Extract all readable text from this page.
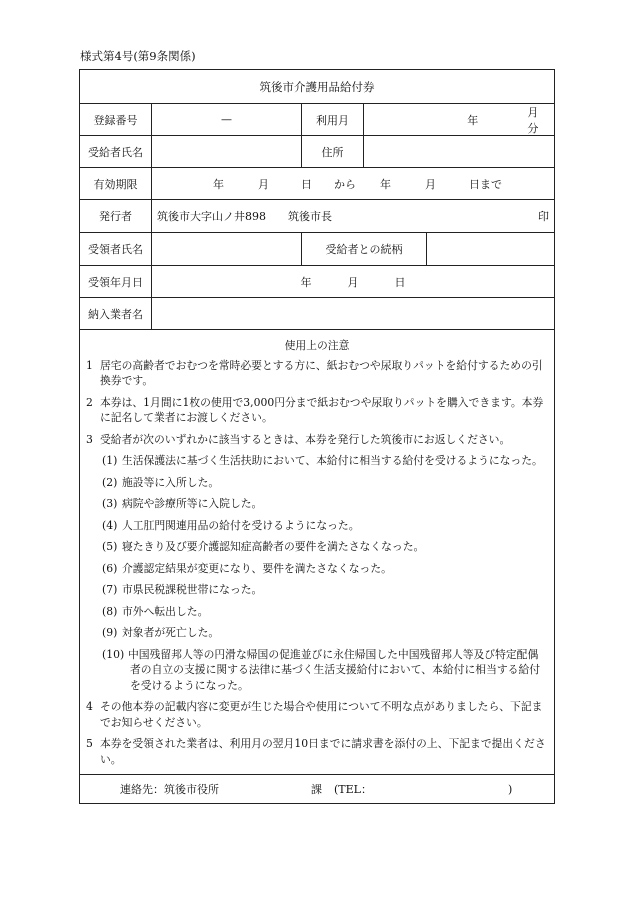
様式第4号(第9条関係)
筑後市介護用品給付券
登録番号	—	利用月	年
月分
受給者氏名	住所
有効期限	年	月	日 から 年	月	日まで
発行者	筑後市大字山ノ井898 筑後市長	印
受領者氏名	受給者との続柄
受領年月日	年	月	日
納入業者名
使用上の注意
1 居宅の高齢者でおむつを常時必要とする方に、紙おむつや尿取りパットを給付するための引換券です。
2 本券は、1月間に1枚の使用で3,000円分まで紙おむつや尿取りパットを購入できます。本券に記名して業者にお渡しください。
3 受給者が次のいずれかに該当するときは、本券を発行した筑後市にお返しください。
(1) 生活保護法に基づく生活扶助において、本給付に相当する給付を受けるようになった。
(2) 施設等に入所した。
(3) 病院や診療所等に入院した。
(4) 人工肛門関連用品の給付を受けるようになった。
(5) 寝たきり及び要介護認知症高齢者の要件を満たさなくなった。
(6) 介護認定結果が変更になり、要件を満たさなくなった。
(7) 市県民税課税世帯になった。
(8) 市外へ転出した。
(9) 対象者が死亡した。
(10) 中国残留邦人等の円滑な帰国の促進並びに永住帰国した中国残留邦人等及び特定配偶者の自立の支援に関する法律に基づく生活支援給付において、本給付に相当する給付を受けるようになった。
4 その他本券の記載内容に変更が生じた場合や使用について不明な点がありましたら、下記までお知らせください。
5 本券を受領された業者は、利用月の翌月10日までに請求書を添付の上、下記まで提出ください。
連絡先：筑後市役所	課 (TEL：	)
